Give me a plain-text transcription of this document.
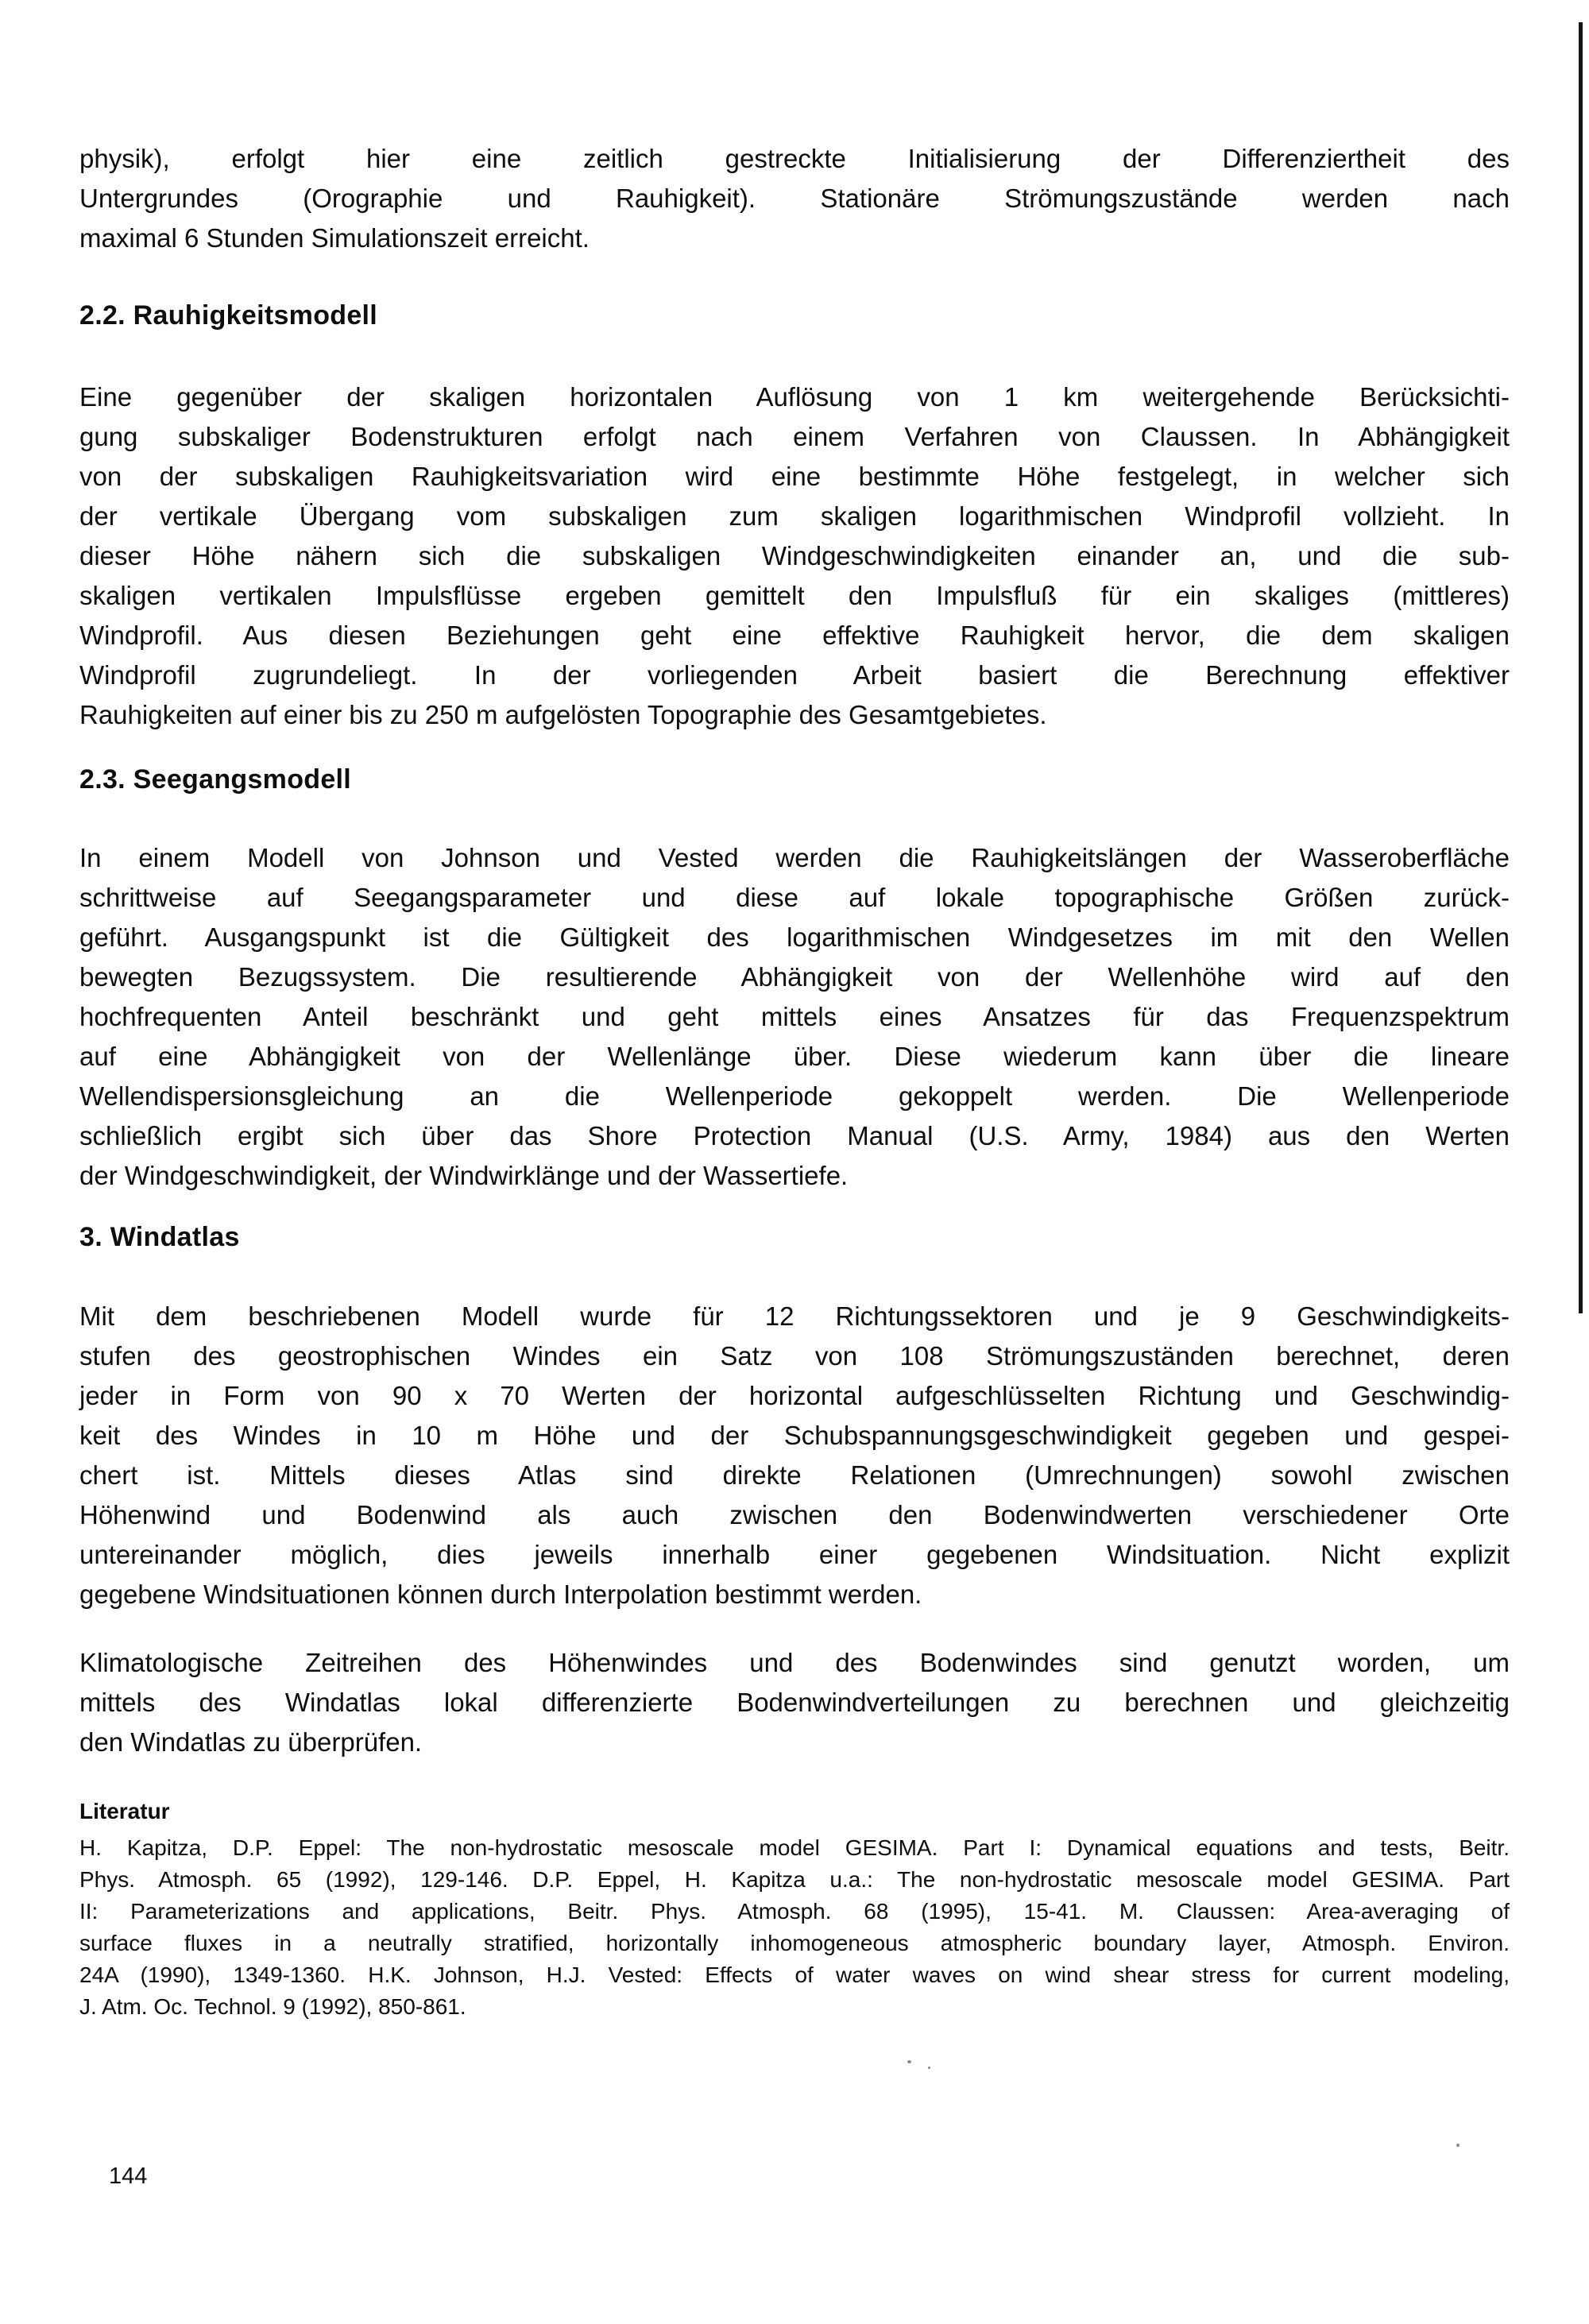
physik), erfolgt hier eine zeitlich gestreckte Initialisierung der Differenziertheit des
Untergrundes (Orographie und Rauhigkeit). Stationäre Strömungszustände werden nach
maximal 6 Stunden Simulationszeit erreicht.
2.2. Rauhigkeitsmodell
Eine gegenüber der skaligen horizontalen Auflösung von 1 km weitergehende Berücksichti-
gung subskaliger Bodenstrukturen erfolgt nach einem Verfahren von Claussen. In Abhängigkeit
von der subskaligen Rauhigkeitsvariation wird eine bestimmte Höhe festgelegt, in welcher sich
der vertikale Übergang vom subskaligen zum skaligen logarithmischen Windprofil vollzieht. In
dieser Höhe nähern sich die subskaligen Windgeschwindigkeiten einander an, und die sub-
skaligen vertikalen Impulsflüsse ergeben gemittelt den Impulsfluß für ein skaliges (mittleres)
Windprofil. Aus diesen Beziehungen geht eine effektive Rauhigkeit hervor, die dem skaligen
Windprofil zugrundeliegt. In der vorliegenden Arbeit basiert die Berechnung effektiver
Rauhigkeiten auf einer bis zu 250 m aufgelösten Topographie des Gesamtgebietes.
2.3. Seegangsmodell
In einem Modell von Johnson und Vested werden die Rauhigkeitslängen der Wasseroberfläche
schrittweise auf Seegangsparameter und diese auf lokale topographische Größen zurück-
geführt. Ausgangspunkt ist die Gültigkeit des logarithmischen Windgesetzes im mit den Wellen
bewegten Bezugssystem. Die resultierende Abhängigkeit von der Wellenhöhe wird auf den
hochfrequenten Anteil beschränkt und geht mittels eines Ansatzes für das Frequenzspektrum
auf eine Abhängigkeit von der Wellenlänge über. Diese wiederum kann über die lineare
Wellendispersionsgleichung an die Wellenperiode gekoppelt werden. Die Wellenperiode
schließlich ergibt sich über das Shore Protection Manual (U.S. Army, 1984) aus den Werten
der Windgeschwindigkeit, der Windwirklänge und der Wassertiefe.
3. Windatlas
Mit dem beschriebenen Modell wurde für 12 Richtungssektoren und je 9 Geschwindigkeits-
stufen des geostrophischen Windes ein Satz von 108 Strömungszuständen berechnet, deren
jeder in Form von 90 x 70 Werten der horizontal aufgeschlüsselten Richtung und Geschwindig-
keit des Windes in 10 m Höhe und der Schubspannungsgeschwindigkeit gegeben und gespei-
chert ist. Mittels dieses Atlas sind direkte Relationen (Umrechnungen) sowohl zwischen
Höhenwind und Bodenwind als auch zwischen den Bodenwindwerten verschiedener Orte
untereinander möglich, dies jeweils innerhalb einer gegebenen Windsituation. Nicht explizit
gegebene Windsituationen können durch Interpolation bestimmt werden.
Klimatologische Zeitreihen des Höhenwindes und des Bodenwindes sind genutzt worden, um
mittels des Windatlas lokal differenzierte Bodenwindverteilungen zu berechnen und gleichzeitig
den Windatlas zu überprüfen.
Literatur
H. Kapitza, D.P. Eppel: The non-hydrostatic mesoscale model GESIMA. Part I: Dynamical equations and tests, Beitr.
Phys. Atmosph. 65 (1992), 129-146. D.P. Eppel, H. Kapitza u.a.: The non-hydrostatic mesoscale model GESIMA. Part
II: Parameterizations and applications, Beitr. Phys. Atmosph. 68 (1995), 15-41. M. Claussen: Area-averaging of
surface fluxes in a neutrally stratified, horizontally inhomogeneous atmospheric boundary layer, Atmosph. Environ.
24A (1990), 1349-1360. H.K. Johnson, H.J. Vested: Effects of water waves on wind shear stress for current modeling,
J. Atm. Oc. Technol. 9 (1992), 850-861.
144
